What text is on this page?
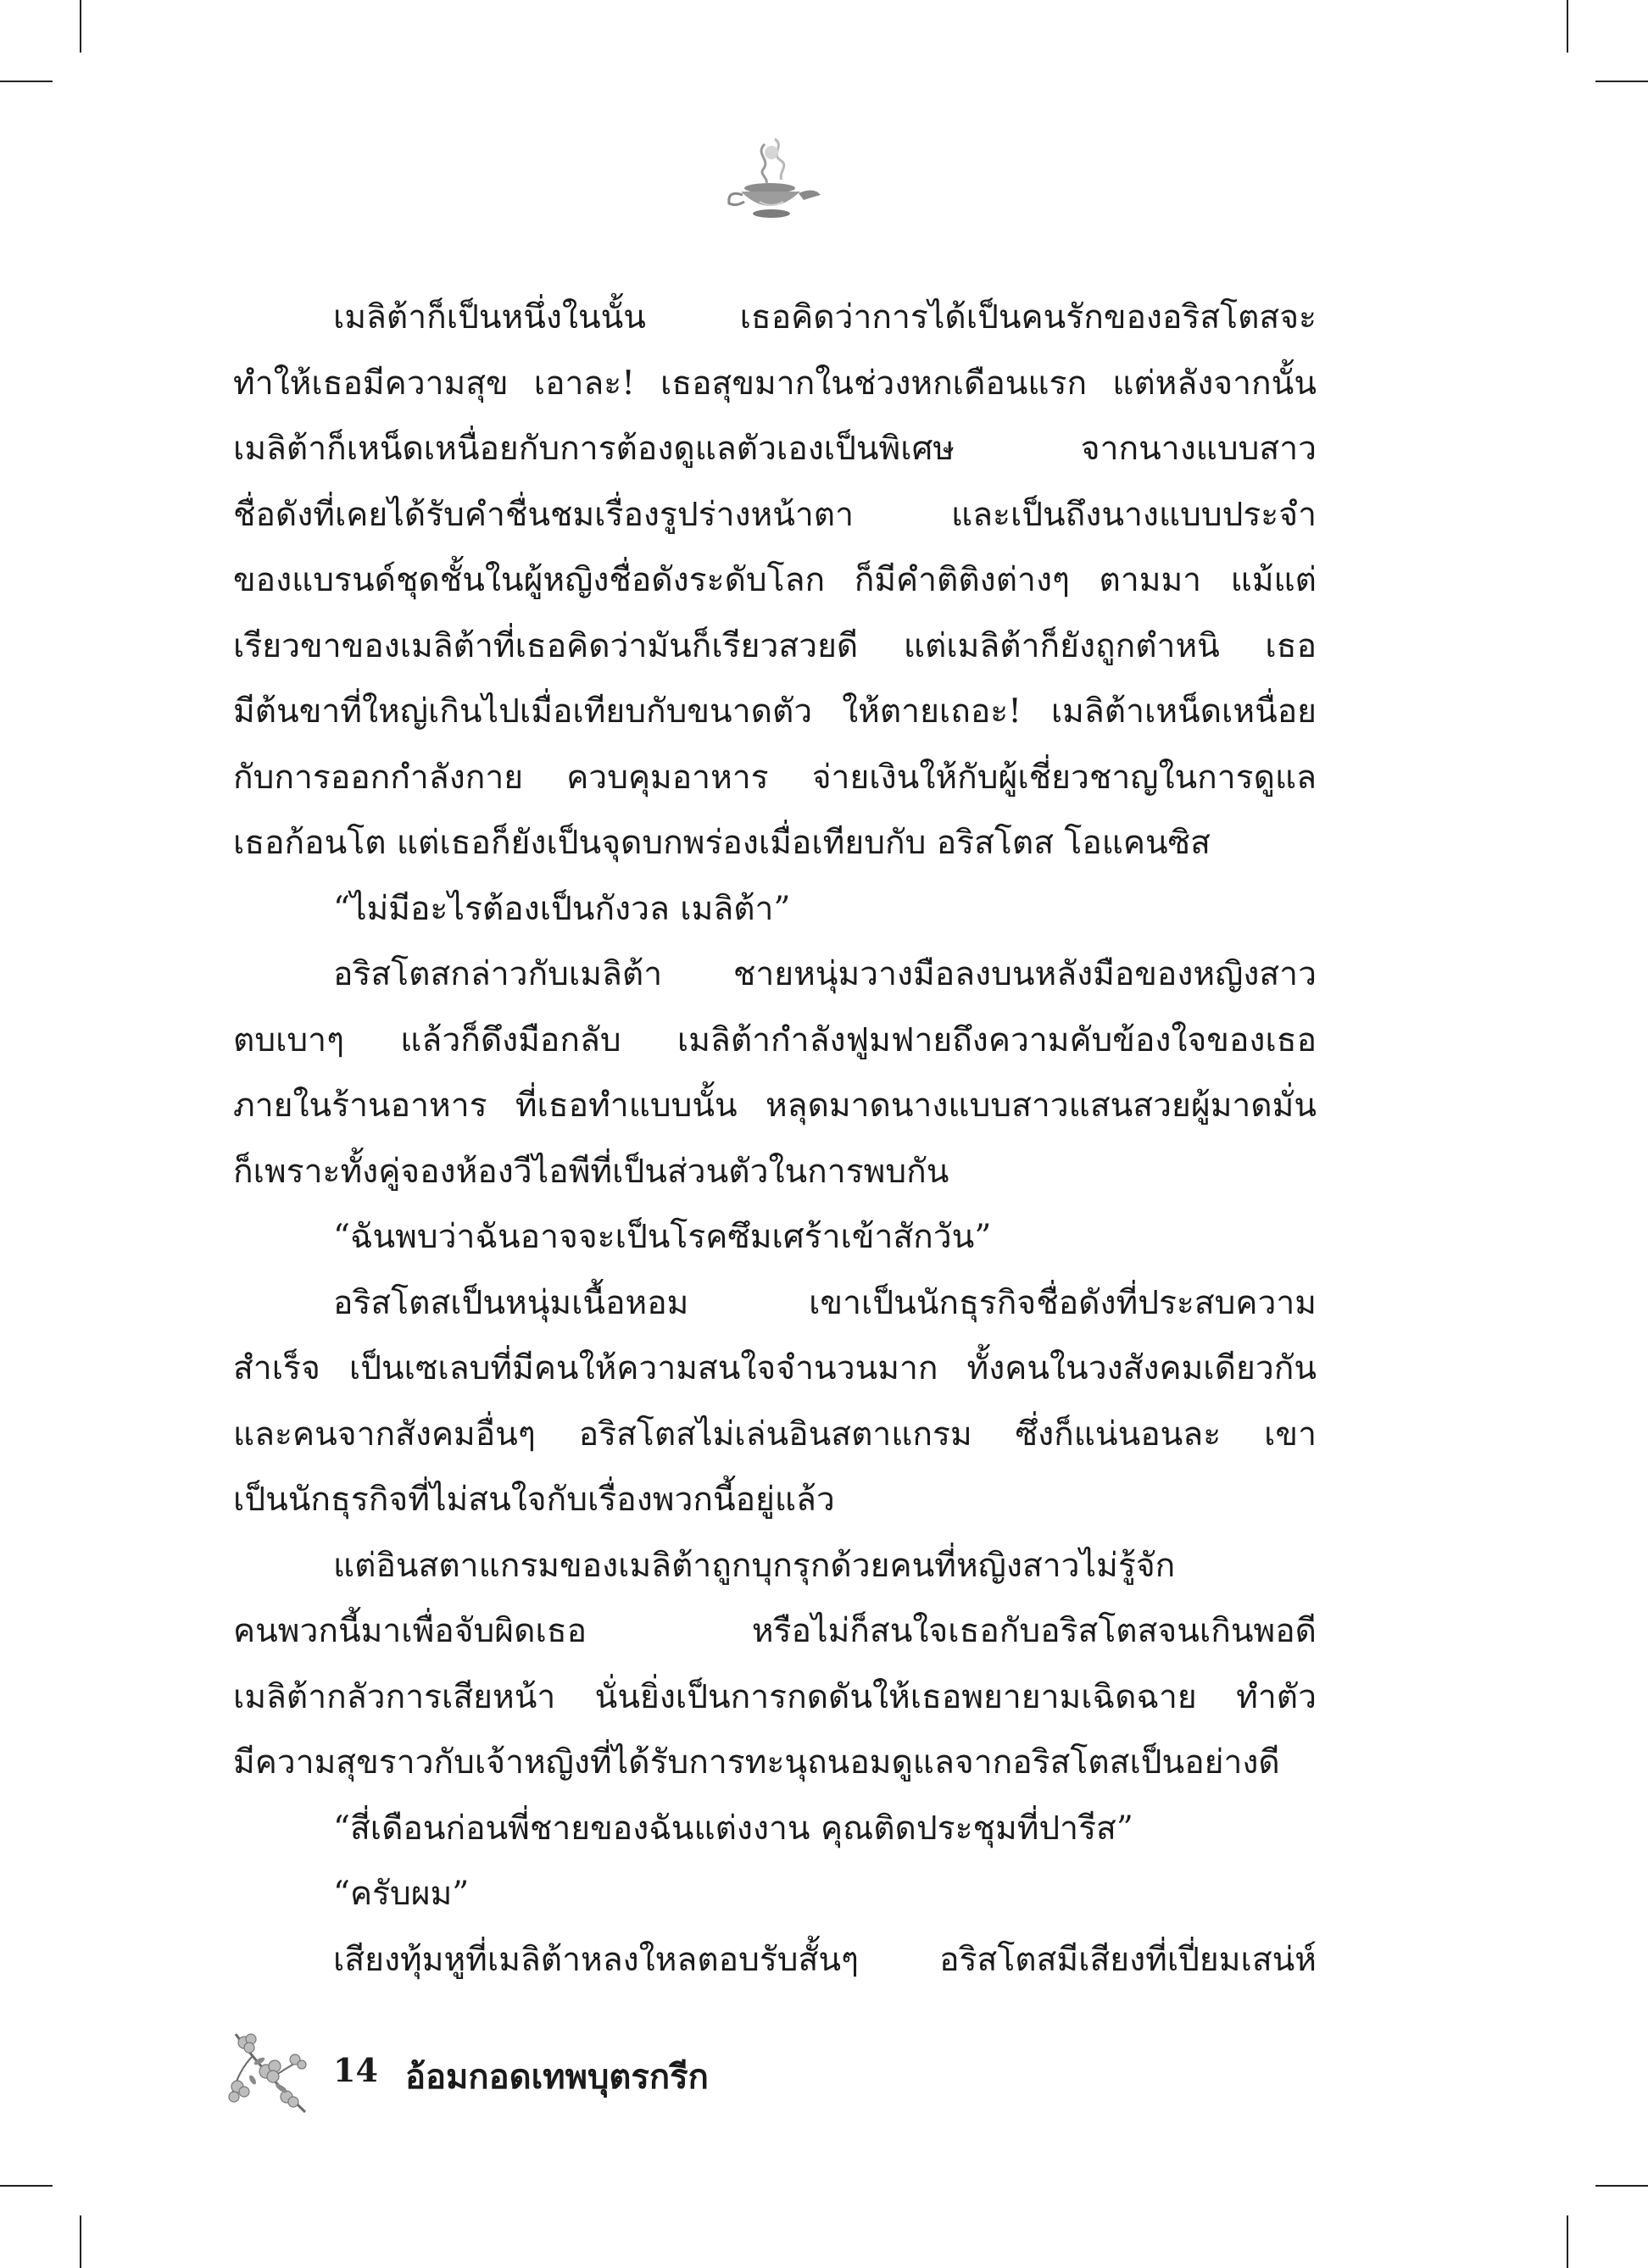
เมลิต้าก็เป็นหนึ่งในนั้น เธอคิดว่าการได้เป็นคนรักของอริสโตสจะ
ทำให้เธอมีความสุข เอาละ! เธอสุขมากในช่วงหกเดือนแรก แต่หลังจากนั้น
เมลิต้าก็เหน็ดเหนื่อยกับการต้องดูแลตัวเองเป็นพิเศษ จากนางแบบสาว
ชื่อดังที่เคยได้รับคำชื่นชมเรื่องรูปร่างหน้าตา และเป็นถึงนางแบบประจำ
ของแบรนด์ชุดชั้นในผู้หญิงชื่อดังระดับโลก ก็มีคำติติงต่างๆ ตามมา แม้แต่
เรียวขาของเมลิต้าที่เธอคิดว่ามันก็เรียวสวยดี แต่เมลิต้าก็ยังถูกตำหนิ เธอ
มีต้นขาที่ใหญ่เกินไปเมื่อเทียบกับขนาดตัว ให้ตายเถอะ! เมลิต้าเหน็ดเหนื่อย
กับการออกกำลังกาย ควบคุมอาหาร จ่ายเงินให้กับผู้เชี่ยวชาญในการดูแล
เธอก้อนโต แต่เธอก็ยังเป็นจุดบกพร่องเมื่อเทียบกับ อริสโตส โอแคนซิส
“ไม่มีอะไรต้องเป็นกังวล เมลิต้า”
อริสโตสกล่าวกับเมลิต้า ชายหนุ่มวางมือลงบนหลังมือของหญิงสาว
ตบเบาๆ แล้วก็ดึงมือกลับ เมลิต้ากำลังฟูมฟายถึงความคับข้องใจของเธอ
ภายในร้านอาหาร ที่เธอทำแบบนั้น หลุดมาดนางแบบสาวแสนสวยผู้มาดมั่น
ก็เพราะทั้งคู่จองห้องวีไอพีที่เป็นส่วนตัวในการพบกัน
“ฉันพบว่าฉันอาจจะเป็นโรคซึมเศร้าเข้าสักวัน”
อริสโตสเป็นหนุ่มเนื้อหอม เขาเป็นนักธุรกิจชื่อดังที่ประสบความ
สำเร็จ เป็นเซเลบที่มีคนให้ความสนใจจำนวนมาก ทั้งคนในวงสังคมเดียวกัน
และคนจากสังคมอื่นๆ อริสโตสไม่เล่นอินสตาแกรม ซึ่งก็แน่นอนละ เขา
เป็นนักธุรกิจที่ไม่สนใจกับเรื่องพวกนี้อยู่แล้ว
แต่อินสตาแกรมของเมลิต้าถูกบุกรุกด้วยคนที่หญิงสาวไม่รู้จัก
คนพวกนี้มาเพื่อจับผิดเธอ หรือไม่ก็สนใจเธอกับอริสโตสจนเกินพอดี
เมลิต้ากลัวการเสียหน้า นั่นยิ่งเป็นการกดดันให้เธอพยายามเฉิดฉาย ทำตัว
มีความสุขราวกับเจ้าหญิงที่ได้รับการทะนุถนอมดูแลจากอริสโตสเป็นอย่างดี
“สี่เดือนก่อนพี่ชายของฉันแต่งงาน คุณติดประชุมที่ปารีส”
“ครับผม”
เสียงทุ้มหูที่เมลิต้าหลงใหลตอบรับสั้นๆ อริสโตสมีเสียงที่เปี่ยมเสน่ห์
14 อ้อมกอดเทพบุตรกรีก
